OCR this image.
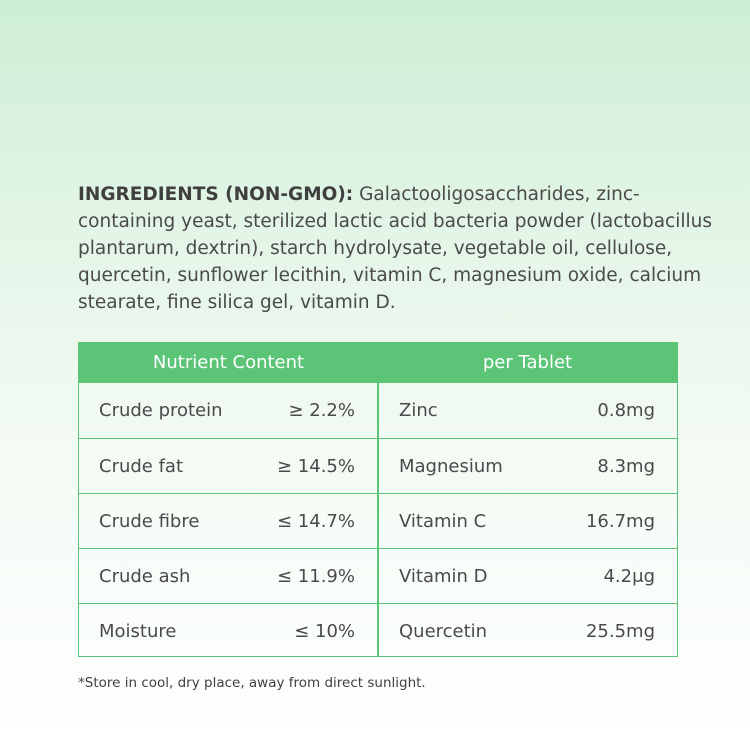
INGREDIENTS (NON-GMO): Galactooligosaccharides, zinc-containing yeast, sterilized lactic acid bacteria powder (lactobacillus plantarum, dextrin), starch hydrolysate, vegetable oil, cellulose, quercetin, sunflower lecithin, vitamin C, magnesium oxide, calcium stearate, fine silica gel, vitamin D.
Nutrient Content	per Tablet
Crude protein	≥ 2.2% Zinc	0.8mg
Crude fat	≥ 14.5% Magnesium	8.3mg
Crude fibre	≤ 14.7% Vitamin C	16.7mg
Crude ash	≤ 11.9% Vitamin D	4.2μg
Moisture	≤ 10% Quercetin	25.5mg
*Store in cool, dry place, away from direct sunlight.
